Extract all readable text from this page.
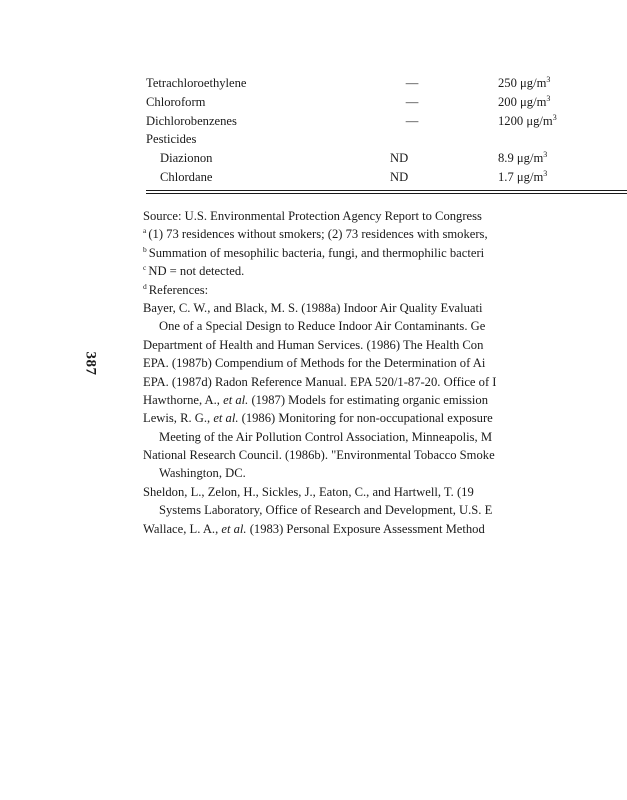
387
Tetrachloroethylene	—	250 $\mu g/m^3$
Chloroform	—	200 $\mu g/m^3$
Dichlorobenzenes	—	1200 $\mu g/m^3$
Pesticides
Diazionon	ND	8.9 $\mu g/m^3$
Chlordane	ND	1.7 $\mu g/m^3$
Source: U.S. Environmental Protection Agency Report to Congress
$^a$ (1) 73 residences without smokers; (2) 73 residences with smokers,
$^b$ Summation of mesophilic bacteria, fungi, and thermophilic bacteri
$^c$ ND = not detected.
$^d$ References:
Bayer, C. W., and Black, M. S. (1988a) Indoor Air Quality Evaluati
One of a Special Design to Reduce Indoor Air Contaminants. Ge
Department of Health and Human Services. (1986) The Health Con
EPA. (1987b) Compendium of Methods for the Determination of Ai
EPA. (1987d) Radon Reference Manual. EPA 520/1-87-20. Office of I
Hawthorne, A., et al. (1987) Models for estimating organic emission
Lewis, R. G., et al. (1986) Monitoring for non-occupational exposure
Meeting of the Air Pollution Control Association, Minneapolis, M
National Research Council. (1986b). "Environmental Tobacco Smoke
Washington, DC.
Sheldon, L., Zelon, H., Sickles, J., Eaton, C., and Hartwell, T. (19
Systems Laboratory, Office of Research and Development, U.S. E
Wallace, L. A., et al. (1983) Personal Exposure Assessment Method
